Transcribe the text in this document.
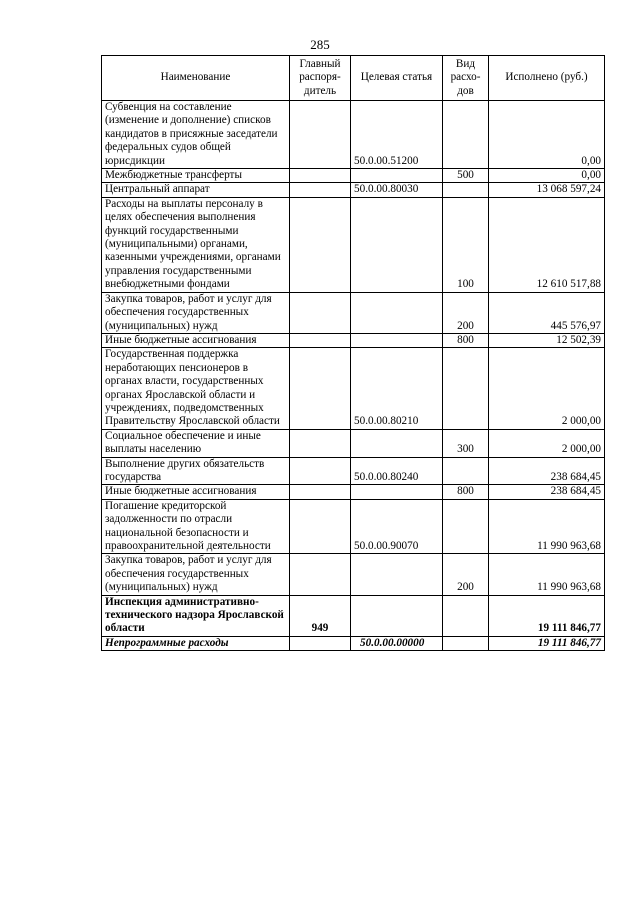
285
Наименование	Главный распоря-дитель	Целевая статья	Вид расхо-дов	Исполнено (руб.)
Субвенция на составление (изменение и дополнение) списков кандидатов в присяжные заседатели федеральных судов общей юрисдикции		50.0.00.51200		0,00
Межбюджетные трансферты			500	0,00
Центральный аппарат		50.0.00.80030		13 068 597,24
Расходы на выплаты персоналу в целях обеспечения выполнения функций государственными (муниципальными) органами, казенными учреждениями, органами управления государственными внебюджетными фондами			100	12 610 517,88
Закупка товаров, работ и услуг для обеспечения государственных (муниципальных) нужд			200	445 576,97
Иные бюджетные ассигнования			800	12 502,39
Государственная поддержка неработающих пенсионеров в органах власти, государственных органах Ярославской области и учреждениях, подведомственных Правительству Ярославской области		50.0.00.80210		2 000,00
Социальное обеспечение и иные выплаты населению			300	2 000,00
Выполнение других обязательств государства		50.0.00.80240		238 684,45
Иные бюджетные ассигнования			800	238 684,45
Погашение кредиторской задолженности по отрасли национальной безопасности и правоохранительной деятельности		50.0.00.90070		11 990 963,68
Закупка товаров, работ и услуг для обеспечения государственных (муниципальных) нужд			200	11 990 963,68
Инспекция административно-технического надзора Ярославской области	949			19 111 846,77
Непрограммные расходы		50.0.00.00000		19 111 846,77
